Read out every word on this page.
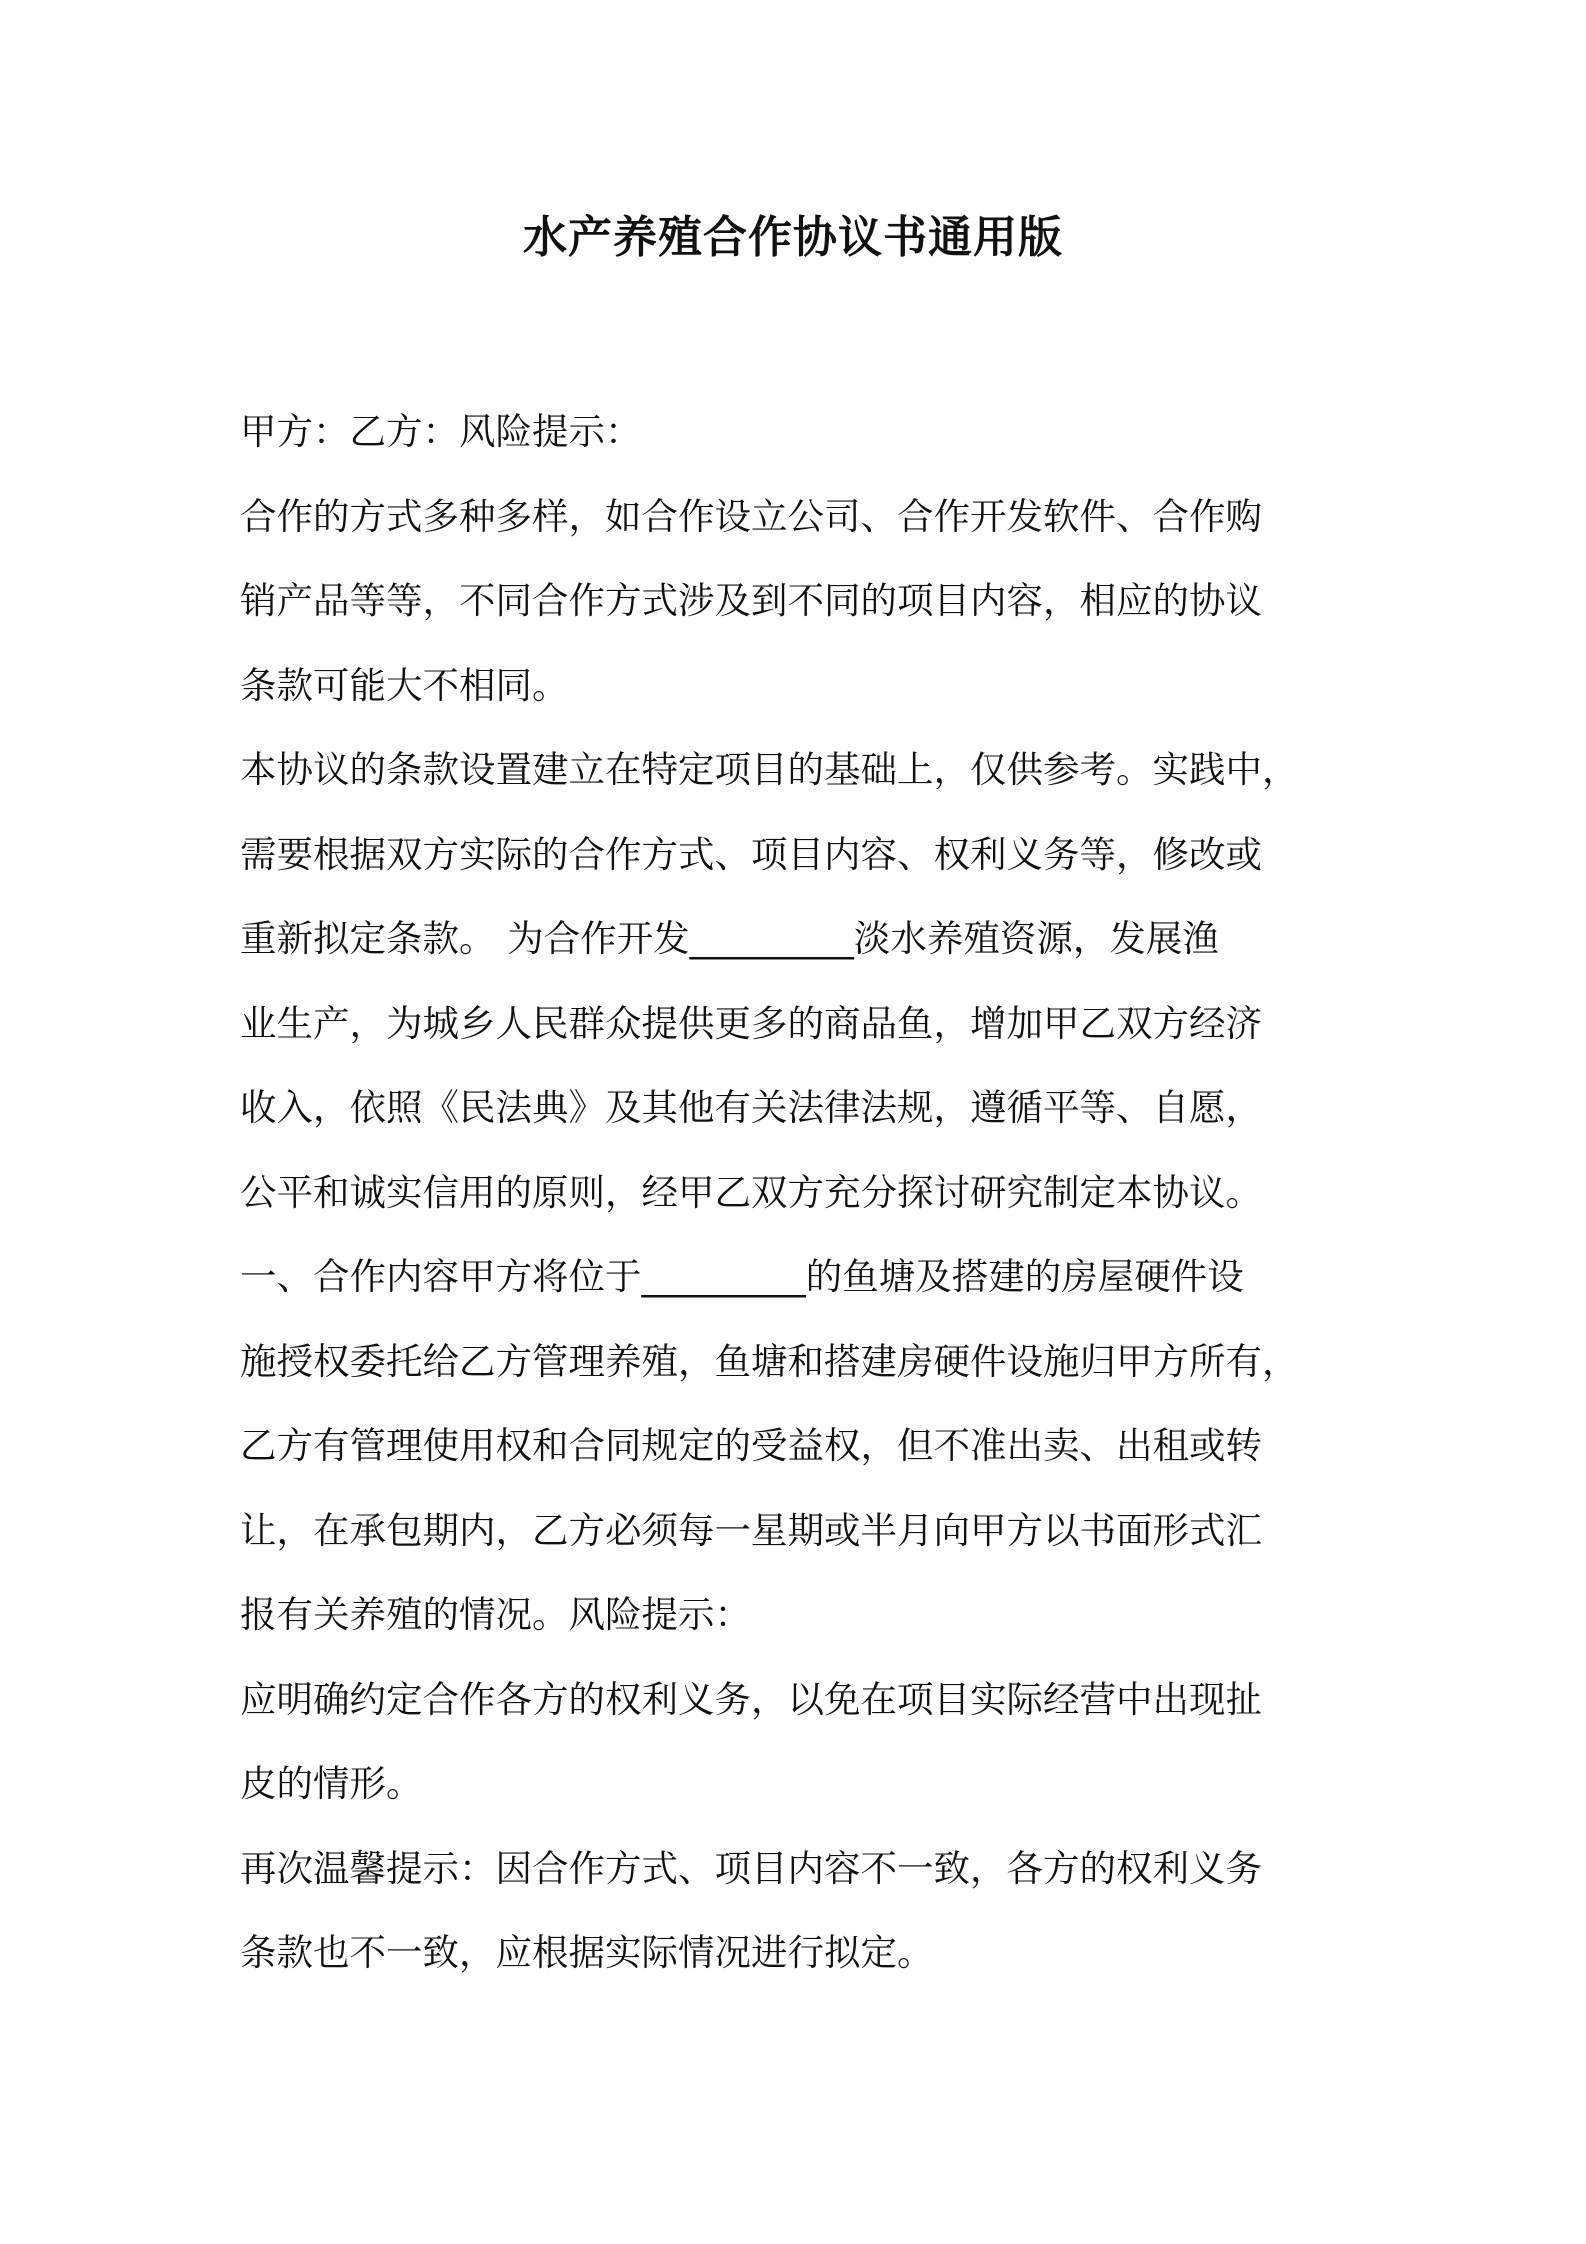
水产养殖合作协议书通用版
甲方：乙方：风险提示：
合作的方式多种多样，如合作设立公司、合作开发软件、合作购
销产品等等，不同合作方式涉及到不同的项目内容，相应的协议
条款可能大不相同。
本协议的条款设置建立在特定项目的基础上，仅供参考。实践中，
需要根据双方实际的合作方式、项目内容、权利义务等，修改或
重新拟定条款。 为合作开发_________淡水养殖资源，发展渔
业生产，为城乡人民群众提供更多的商品鱼，增加甲乙双方经济
收入，依照《民法典》及其他有关法律法规，遵循平等、自愿，
公平和诚实信用的原则，经甲乙双方充分探讨研究制定本协议。
一、合作内容甲方将位于_________的鱼塘及搭建的房屋硬件设
施授权委托给乙方管理养殖，鱼塘和搭建房硬件设施归甲方所有，
乙方有管理使用权和合同规定的受益权，但不准出卖、出租或转
让，在承包期内，乙方必须每一星期或半月向甲方以书面形式汇
报有关养殖的情况。风险提示：
应明确约定合作各方的权利义务，以免在项目实际经营中出现扯
皮的情形。
再次温馨提示：因合作方式、项目内容不一致，各方的权利义务
条款也不一致，应根据实际情况进行拟定。
